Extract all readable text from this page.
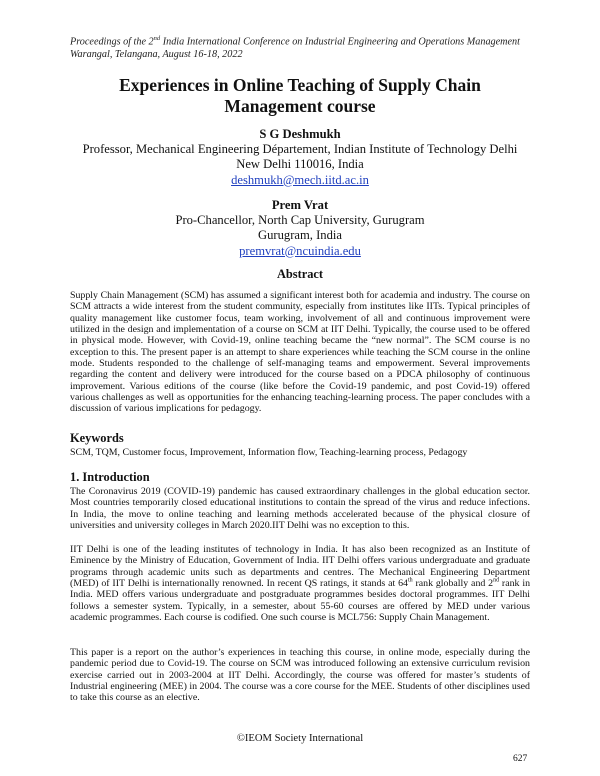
Proceedings of the 2nd India International Conference on Industrial Engineering and Operations Management
Warangal, Telangana, August 16-18, 2022
Experiences in Online Teaching of Supply Chain
Management course
S G Deshmukh
Professor, Mechanical Engineering Département, Indian Institute of Technology Delhi
New Delhi 110016, India
deshmukh@mech.iitd.ac.in
Prem Vrat
Pro-Chancellor, North Cap University, Gurugram
Gurugram, India
premvrat@ncuindia.edu
Abstract
Supply Chain Management (SCM) has assumed a significant interest both for academia and industry. The course on SCM attracts a wide interest from the student community, especially from institutes like IITs. Typical principles of quality management like customer focus, team working, involvement of all and continuous improvement were utilized in the design and implementation of a course on SCM at IIT Delhi. Typically, the course used to be offered in physical mode. However, with Covid-19, online teaching became the “new normal”. The SCM course is no exception to this. The present paper is an attempt to share experiences while teaching the SCM course in the online mode. Students responded to the challenge of self-managing teams and empowerment. Several improvements regarding the content and delivery were introduced for the course based on a PDCA philosophy of continuous improvement. Various editions of the course (like before the Covid-19 pandemic, and post Covid-19) offered various challenges as well as opportunities for the enhancing teaching-learning process. The paper concludes with a discussion of various implications for pedagogy.
Keywords
SCM, TQM, Customer focus, Improvement, Information flow, Teaching-learning process, Pedagogy
1. Introduction
The Coronavirus 2019 (COVID-19) pandemic has caused extraordinary challenges in the global education sector. Most countries temporarily closed educational institutions to contain the spread of the virus and reduce infections. In India, the move to online teaching and learning methods accelerated because of the physical closure of universities and university colleges in March 2020.IIT Delhi was no exception to this.
IIT Delhi is one of the leading institutes of technology in India. It has also been recognized as an Institute of Eminence by the Ministry of Education, Government of India. IIT Delhi offers various undergraduate and graduate programs through academic units such as departments and centres. The Mechanical Engineering Department (MED) of IIT Delhi is internationally renowned. In recent QS ratings, it stands at 64th rank globally and 2nd rank in India. MED offers various undergraduate and postgraduate programmes besides doctoral programmes. IIT Delhi follows a semester system. Typically, in a semester, about 55-60 courses are offered by MED under various academic programmes. Each course is codified. One such course is MCL756: Supply Chain Management.
This paper is a report on the author’s experiences in teaching this course, in online mode, especially during the pandemic period due to Covid-19. The course on SCM was introduced following an extensive curriculum revision exercise carried out in 2003-2004 at IIT Delhi. Accordingly, the course was offered for master’s students of Industrial engineering (MEE) in 2004. The course was a core course for the MEE. Students of other disciplines used to take this course as an elective.
©IEOM Society International
627
